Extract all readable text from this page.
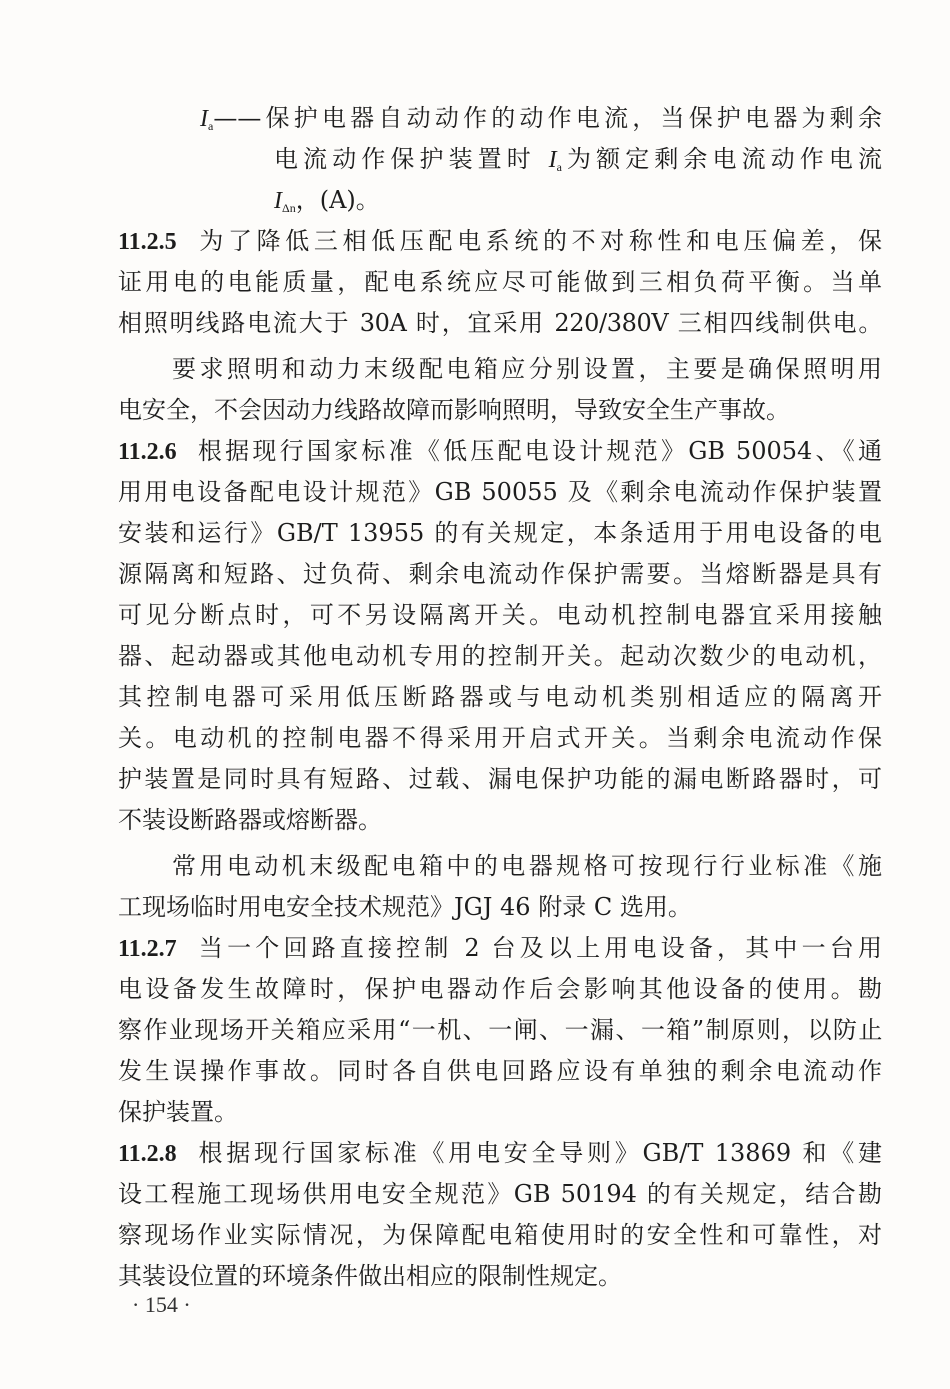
$I_a——$保护电器自动动作的动作电流，当保护电器为剩余
电流动作保护装置时 $I_a$为额定剩余电流动作电流
$I_{\Delta n}$，(A)。
11.2.5 为了降低三相低压配电系统的不对称性和电压偏差，保
证用电的电能质量，配电系统应尽可能做到三相负荷平衡。当单
相照明线路电流大于 30A 时，宜采用 220/380V 三相四线制供电。
要求照明和动力末级配电箱应分别设置，主要是确保照明用
电安全，不会因动力线路故障而影响照明，导致安全生产事故。
11.2.6 根据现行国家标准《低压配电设计规范》GB 50054、《通
用用电设备配电设计规范》GB 50055 及《剩余电流动作保护装置
安装和运行》GB/T 13955 的有关规定，本条适用于用电设备的电
源隔离和短路、过负荷、剩余电流动作保护需要。当熔断器是具有
可见分断点时，可不另设隔离开关。电动机控制电器宜采用接触
器、起动器或其他电动机专用的控制开关。起动次数少的电动机，
其控制电器可采用低压断路器或与电动机类别相适应的隔离开
关。电动机的控制电器不得采用开启式开关。当剩余电流动作保
护装置是同时具有短路、过载、漏电保护功能的漏电断路器时，可
不装设断路器或熔断器。
常用电动机末级配电箱中的电器规格可按现行行业标准《施
工现场临时用电安全技术规范》JGJ 46 附录 C 选用。
11.2.7 当一个回路直接控制 2 台及以上用电设备，其中一台用
电设备发生故障时，保护电器动作后会影响其他设备的使用。勘
察作业现场开关箱应采用“一机、一闸、一漏、一箱”制原则，以防止
发生误操作事故。同时各自供电回路应设有单独的剩余电流动作
保护装置。
11.2.8 根据现行国家标准《用电安全导则》GB/T 13869 和《建
设工程施工现场供用电安全规范》GB 50194 的有关规定，结合勘
察现场作业实际情况，为保障配电箱使用时的安全性和可靠性，对
其装设位置的环境条件做出相应的限制性规定。
· 154 ·
